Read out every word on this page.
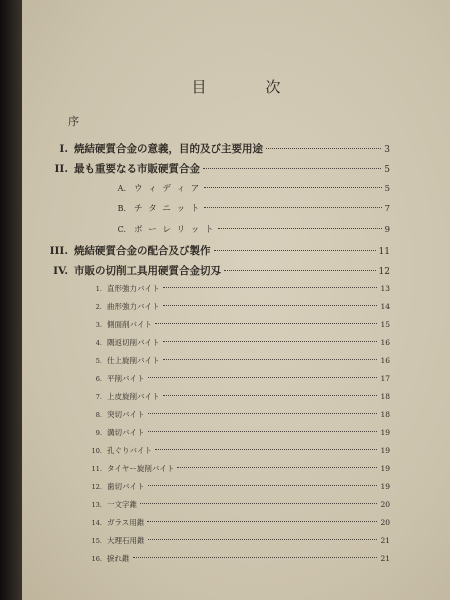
目　次
序
I. 焼結硬質合金の意義，目的及び主要用途	3
II. 最も重要なる市販硬質合金	5
A. ウ ィ デ ィ ア	5
B. チ タ ニ ッ ト	7
C. ボ ー レ リ ッ ト	9
III. 焼結硬質合金の配合及び製作	11
IV. 市販の切削工具用硬質合金切刄	12
1. 直形強力バイト	13
2. 曲形強力バイト	14
3. 側面削バイト	15
4. 隅返切削バイト	16
5. 仕上旋削バイト	16
6. 平削バイト	17
7. 上皮旋削バイト	18
8. 突切バイト	18
9. 溝切バイト	19
10. 孔ぐりバイト	19
11. タイヤー旋削バイト	19
12. 歯切バイト	19
13. 一文字錐	20
14. ガラス用錐	20
15. 大理石用錐	21
16. 捩れ錐	21
